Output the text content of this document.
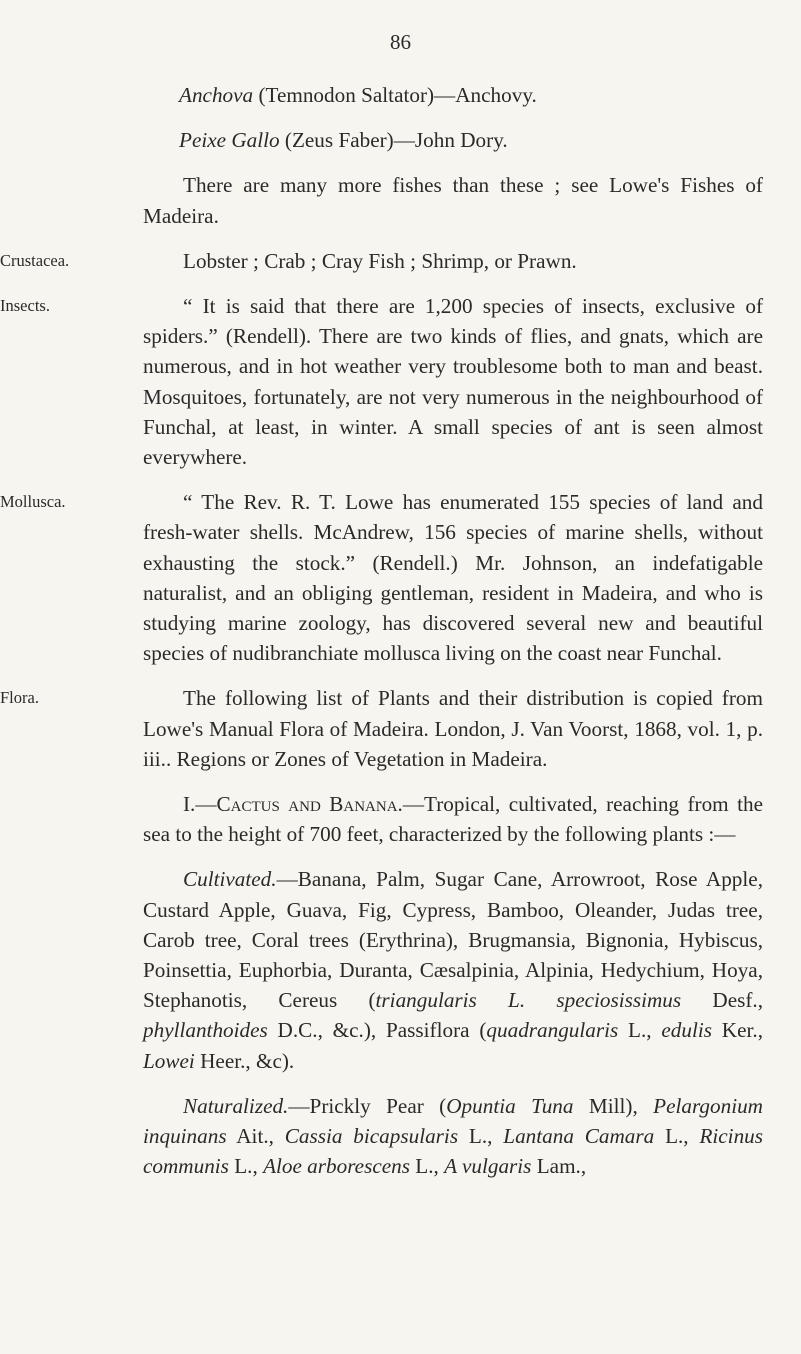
86

Anchova (Temnodon Saltator)—Anchovy.

Peixe Gallo (Zeus Faber)—John Dory.

There are many more fishes than these ; see Lowe's Fishes of Madeira.

Crustacea.	Lobster ; Crab ; Cray Fish ; Shrimp, or Prawn.

Insects.	“ It is said that there are 1,200 species of insects, exclusive of spiders.” (Rendell). There are two kinds of flies, and gnats, which are numerous, and in hot weather very troublesome both to man and beast. Mosquitoes, fortunately, are not very numerous in the neighbourhood of Funchal, at least, in winter. A small species of ant is seen almost everywhere.

Mollusca.	“ The Rev. R. T. Lowe has enumerated 155 species of land and fresh-water shells. McAndrew, 156 species of marine shells, without exhausting the stock.” (Rendell.) Mr. Johnson, an indefatigable naturalist, and an obliging gentleman, resident in Madeira, and who is studying marine zoology, has discovered several new and beautiful species of nudibranchiate mollusca living on the coast near Funchal.

Flora.	The following list of Plants and their distribution is copied from Lowe's Manual Flora of Madeira. London, J. Van Voorst, 1868, vol. 1, p. iii.. Regions or Zones of Vegetation in Madeira.

I.—Cactus and Banana.—Tropical, cultivated, reaching from the sea to the height of 700 feet, characterized by the following plants :—

Cultivated.—Banana, Palm, Sugar Cane, Arrowroot, Rose Apple, Custard Apple, Guava, Fig, Cypress, Bamboo, Oleander, Judas tree, Carob tree, Coral trees (Erythrina), Brugmansia, Bignonia, Hybiscus, Poinsettia, Euphorbia, Duranta, Cæsalpinia, Alpinia, Hedychium, Hoya, Stephanotis, Cereus (triangularis L. speciosissimus Desf., phyllanthoides D.C., &c.), Passiflora (quadrangularis L., edulis Ker., Lowei Heer., &c).

Naturalized.—Prickly Pear (Opuntia Tuna Mill), Pelargonium inquinans Ait., Cassia bicapsularis L., Lantana Camara L., Ricinus communis L., Aloe arborescens L., A vulgaris Lam.,
